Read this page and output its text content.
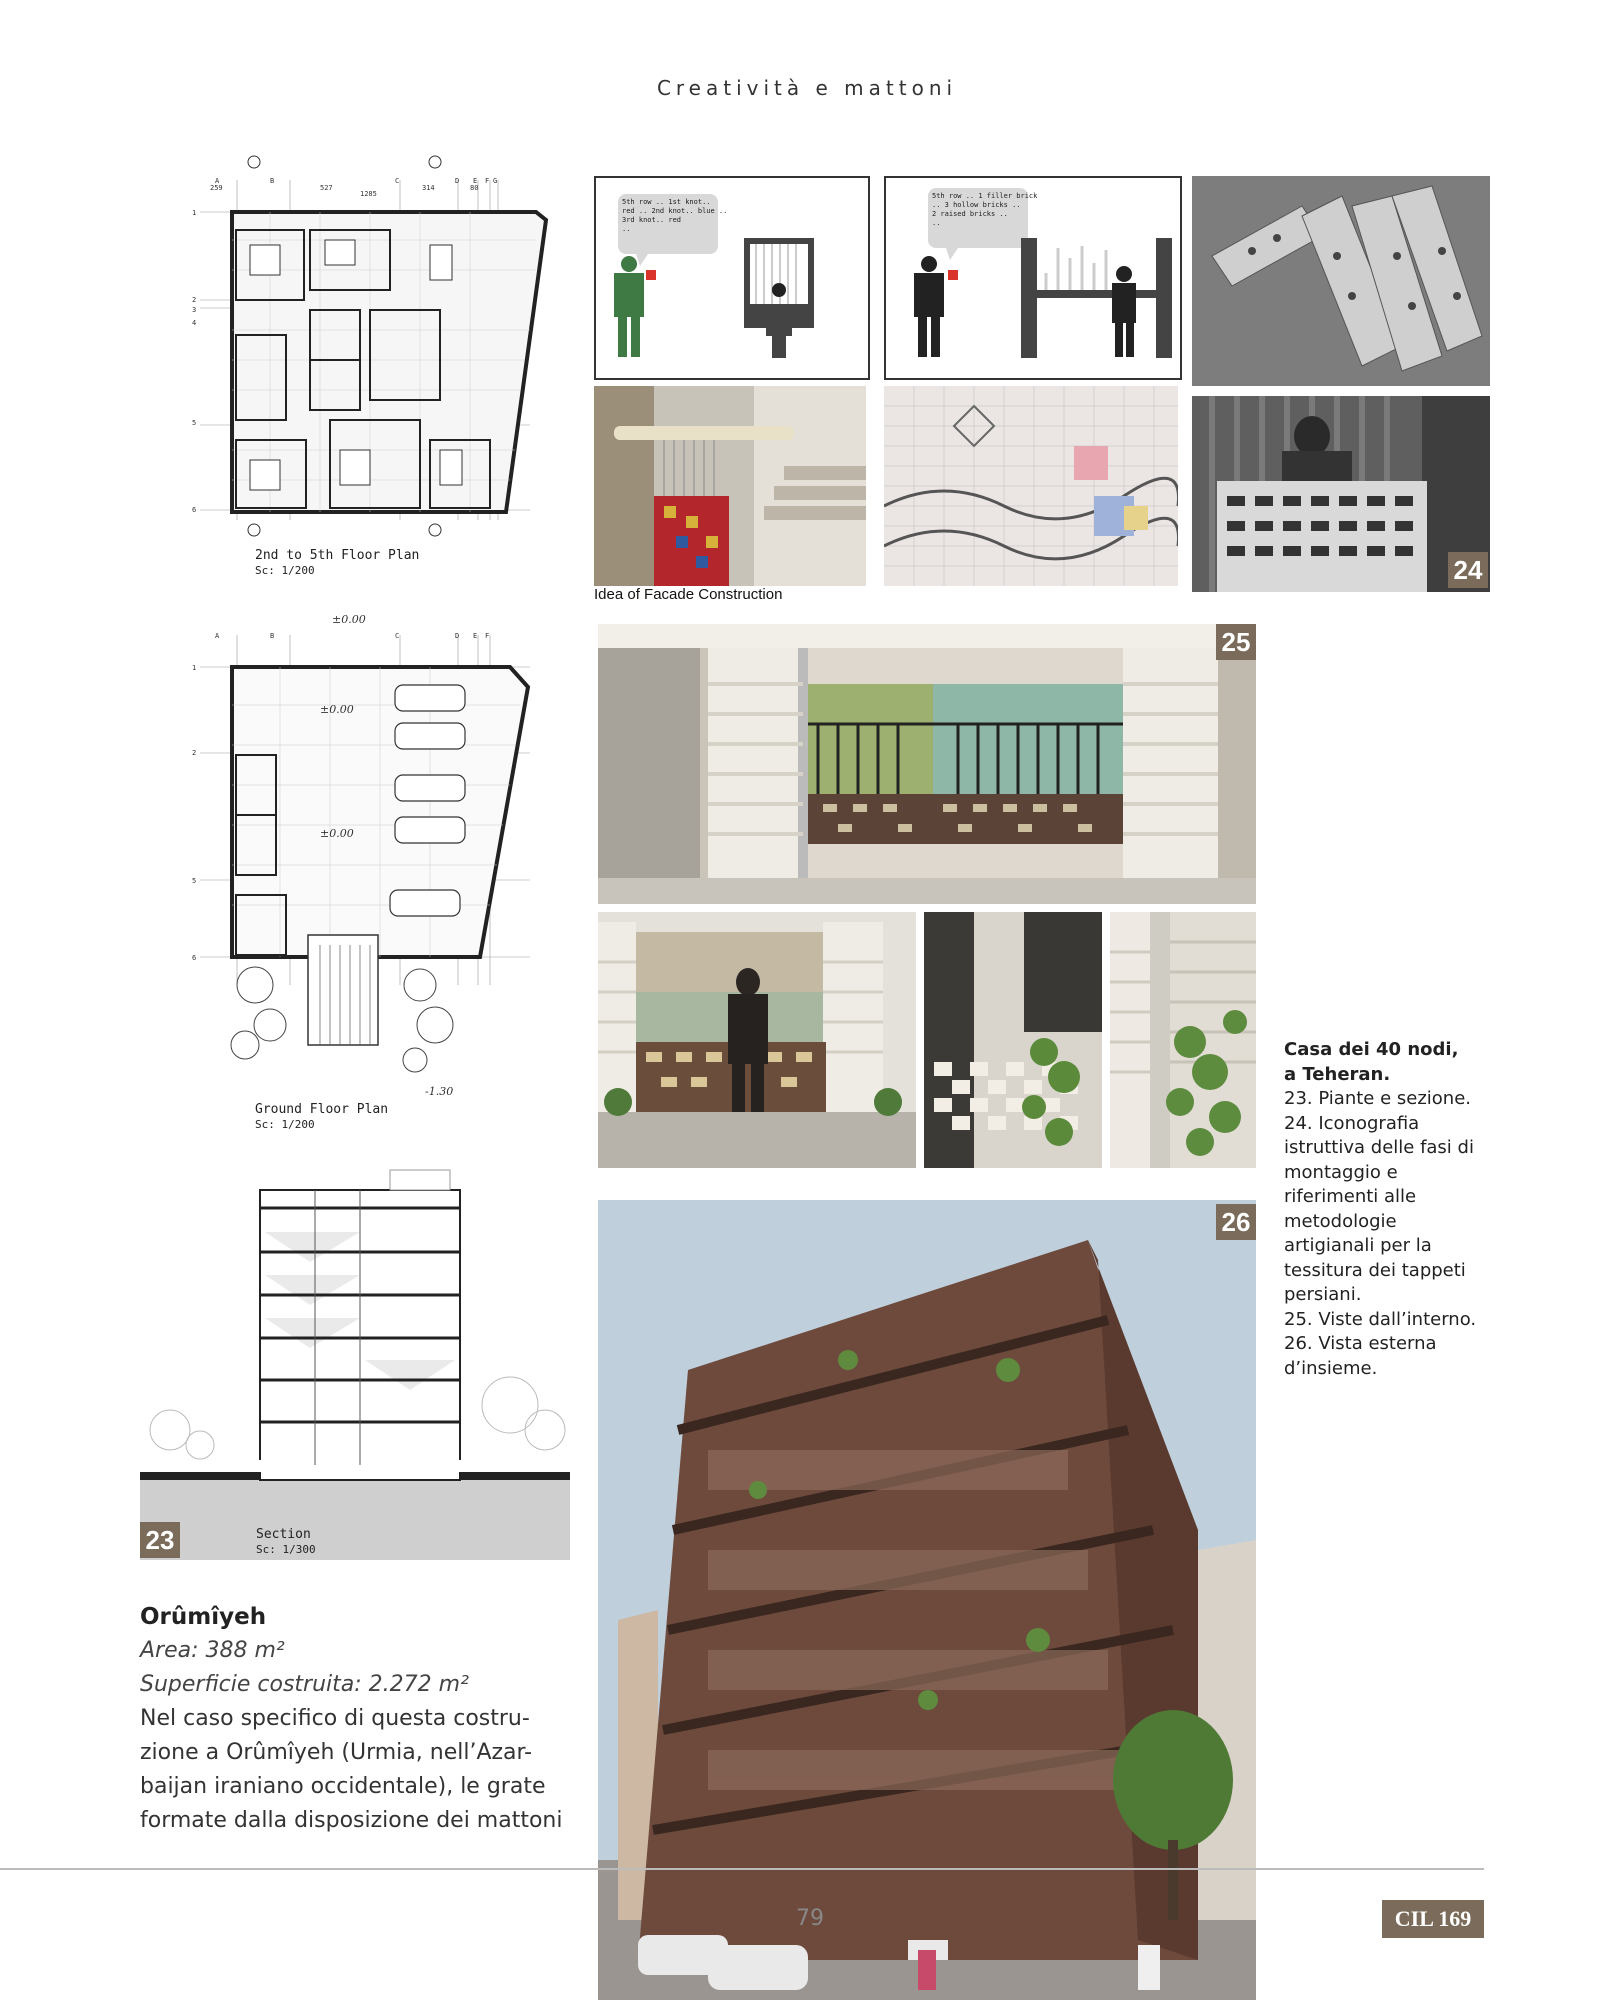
Creatività e mattoni
A	B	C	D E F G
259	527	314	80
1285
1
2
3
4
5
6
2nd to 5th Floor Plan
Sc: 1/200
A	B	C	D E F
1
2
5
6
±0.00
±0.00
±0.00
-1.30
Ground Floor Plan
Sc: 1/200
Section
Sc: 1/300
23
5th row .. 1st knot..
red .. 2nd knot.. blue ..
3rd knot.. red
..
5th row .. 1 filler brick
.. 3 hollow bricks ..
2 raised bricks ..
..
24
Idea of Facade Construction
25
26
Casa dei 40 nodi,
a Teheran.
23. Piante e sezione.
24. Iconografia
istruttiva delle fasi di
montaggio e
riferimenti alle
metodologie
artigianali per la
tessitura dei tappeti
persiani.
25. Viste dall’interno.
26. Vista esterna
d’insieme.
Orûmîyeh
Area: 388 m²
Superficie costruita: 2.272 m²
Nel caso specifico di questa costru-
zione a Orûmîyeh (Urmia, nell’Azar-
baijan iraniano occidentale), le grate
formate dalla disposizione dei mattoni
79	CIL 169
